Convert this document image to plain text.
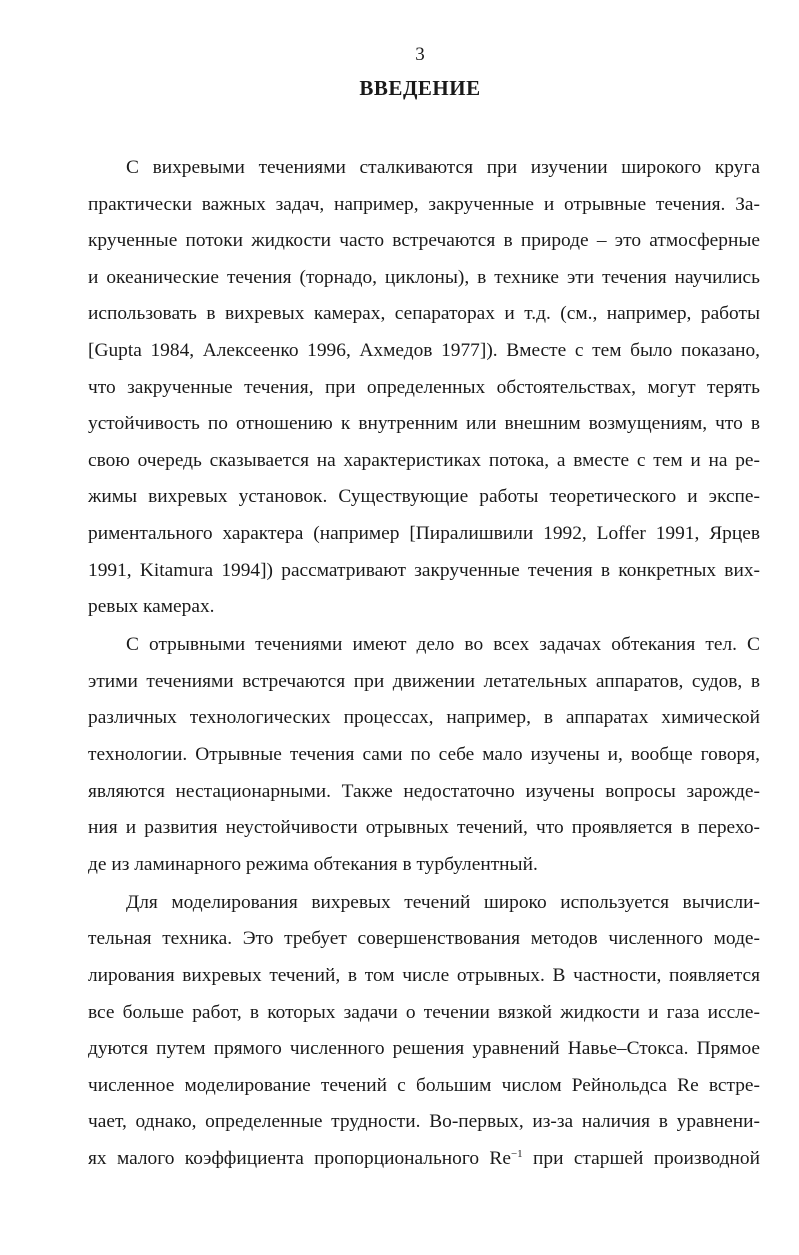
3
ВВЕДЕНИЕ
С вихревыми течениями сталкиваются при изучении широкого круга
практически важных задач, например, закрученные и отрывные течения. За-
крученные потоки жидкости часто встречаются в природе – это атмосферные
и океанические течения (торнадо, циклоны), в технике эти течения научились
использовать в вихревых камерах, сепараторах и т.д. (см., например, работы
[Gupta 1984, Алексеенко 1996, Ахмедов 1977]). Вместе с тем было показано,
что закрученные течения, при определенных обстоятельствах, могут терять
устойчивость по отношению к внутренним или внешним возмущениям, что в
свою очередь сказывается на характеристиках потока, а вместе с тем и на ре-
жимы вихревых установок. Существующие работы теоретического и экспе-
риментального характера (например [Пиралишвили 1992, Loffer 1991, Ярцев
1991, Kitamura 1994]) рассматривают закрученные течения в конкретных вих-
ревых камерах.
С отрывными течениями имеют дело во всех задачах обтекания тел. С
этими течениями встречаются при движении летательных аппаратов, судов, в
различных технологических процессах, например, в аппаратах химической
технологии. Отрывные течения сами по себе мало изучены и, вообще говоря,
являются нестационарными. Также недостаточно изучены вопросы зарожде-
ния и развития неустойчивости отрывных течений, что проявляется в перехо-
де из ламинарного режима обтекания в турбулентный.
Для моделирования вихревых течений широко используется вычисли-
тельная техника. Это требует совершенствования методов численного моде-
лирования вихревых течений, в том числе отрывных. В частности, появляется
все больше работ, в которых задачи о течении вязкой жидкости и газа иссле-
дуются путем прямого численного решения уравнений Навье–Стокса. Прямое
численное моделирование течений с большим числом Рейнольдса Re встре-
чает, однако, определенные трудности. Во-первых, из-за наличия в уравнени-
ях малого коэффициента пропорционального $Re^{-1}$ при старшей производной
